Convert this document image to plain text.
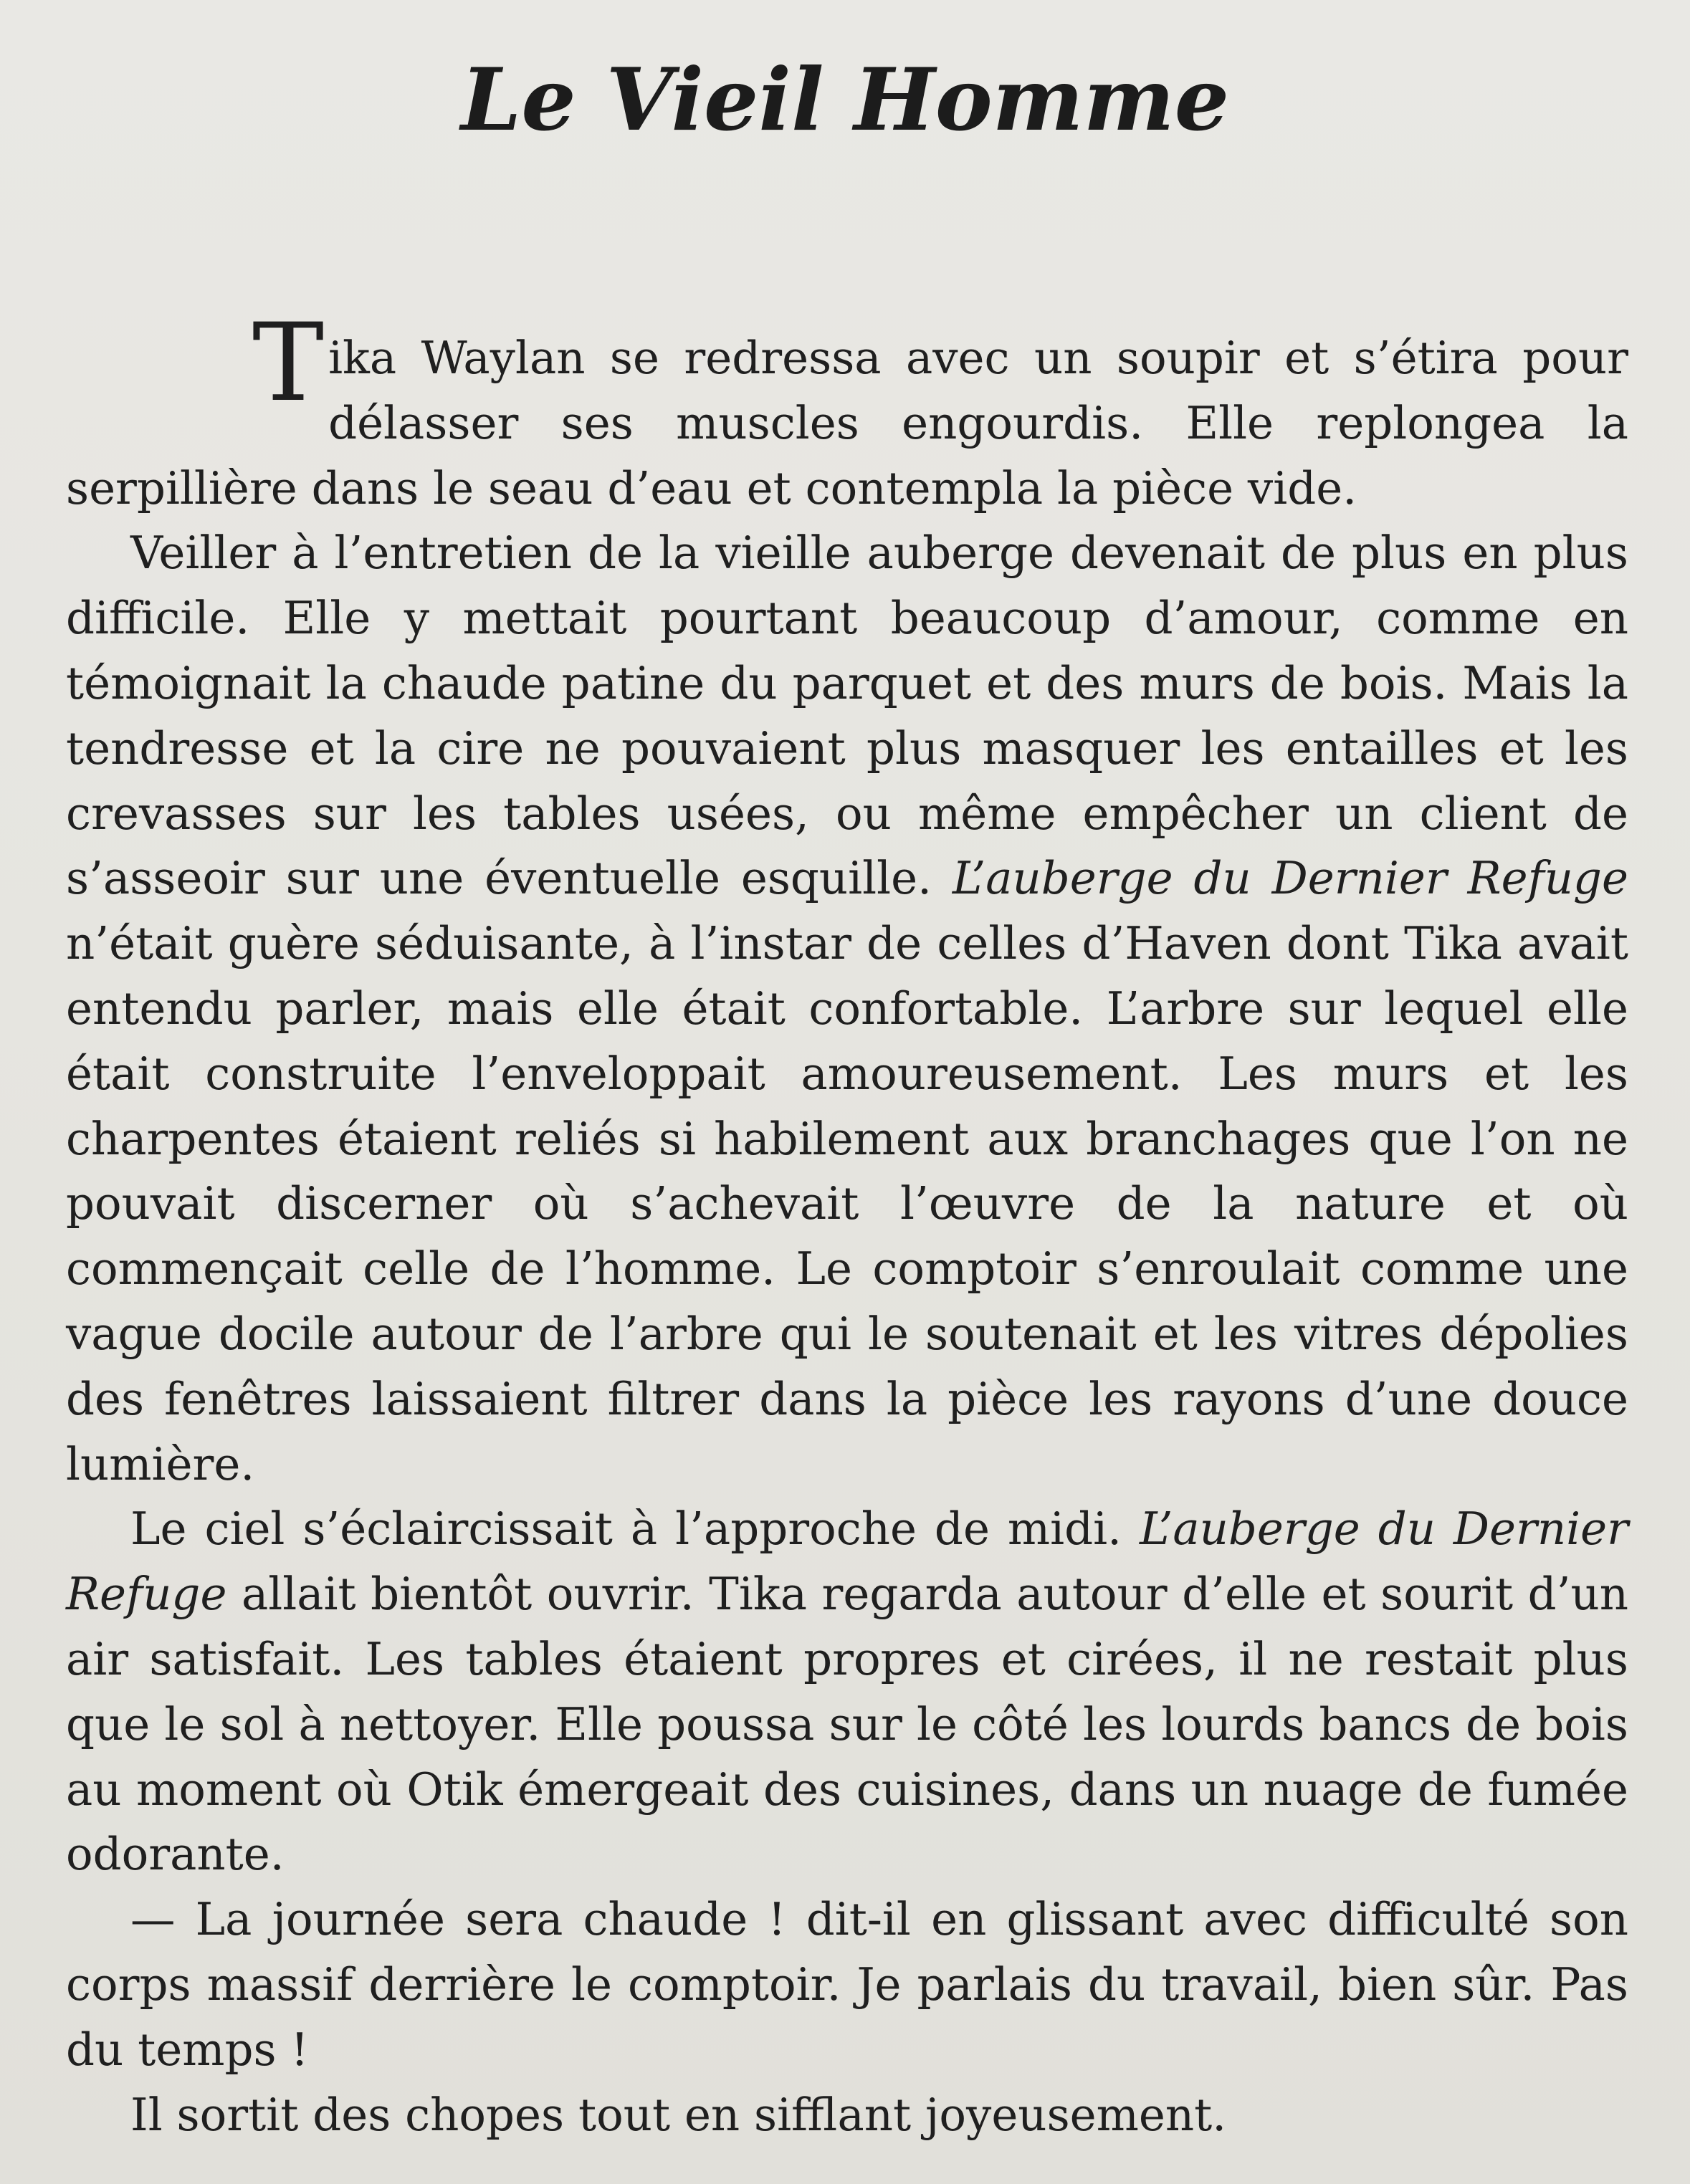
Le Vieil Homme

Tika Waylan se redressa avec un soupir et s’étira pour délasser ses muscles engourdis. Elle replongea la serpillière dans le seau d’eau et contempla la pièce vide.

Veiller à l’entretien de la vieille auberge devenait de plus en plus difficile. Elle y mettait pourtant beaucoup d’amour, comme en témoignait la chaude patine du parquet et des murs de bois. Mais la tendresse et la cire ne pouvaient plus masquer les entailles et les crevasses sur les tables usées, ou même empêcher un client de s’asseoir sur une éventuelle esquille. L’auberge du Dernier Refuge n’était guère séduisante, à l’instar de celles d’Haven dont Tika avait entendu parler, mais elle était confortable. L’arbre sur lequel elle était construite l’enveloppait amoureusement. Les murs et les charpentes étaient reliés si habilement aux branchages que l’on ne pouvait discerner où s’achevait l’œuvre de la nature et où commençait celle de l’homme. Le comptoir s’enroulait comme une vague docile autour de l’arbre qui le soutenait et les vitres dépolies des fenêtres laissaient filtrer dans la pièce les rayons d’une douce lumière.

Le ciel s’éclaircissait à l’approche de midi. L’auberge du Dernier Refuge allait bientôt ouvrir. Tika regarda autour d’elle et sourit d’un air satisfait. Les tables étaient propres et cirées, il ne restait plus que le sol à nettoyer. Elle poussa sur le côté les lourds bancs de bois au moment où Otik émergeait des cuisines, dans un nuage de fumée odorante.

— La journée sera chaude ! dit-il en glissant avec difficulté son corps massif derrière le comptoir. Je parlais du travail, bien sûr. Pas du temps !

Il sortit des chopes tout en sifflant joyeusement.
